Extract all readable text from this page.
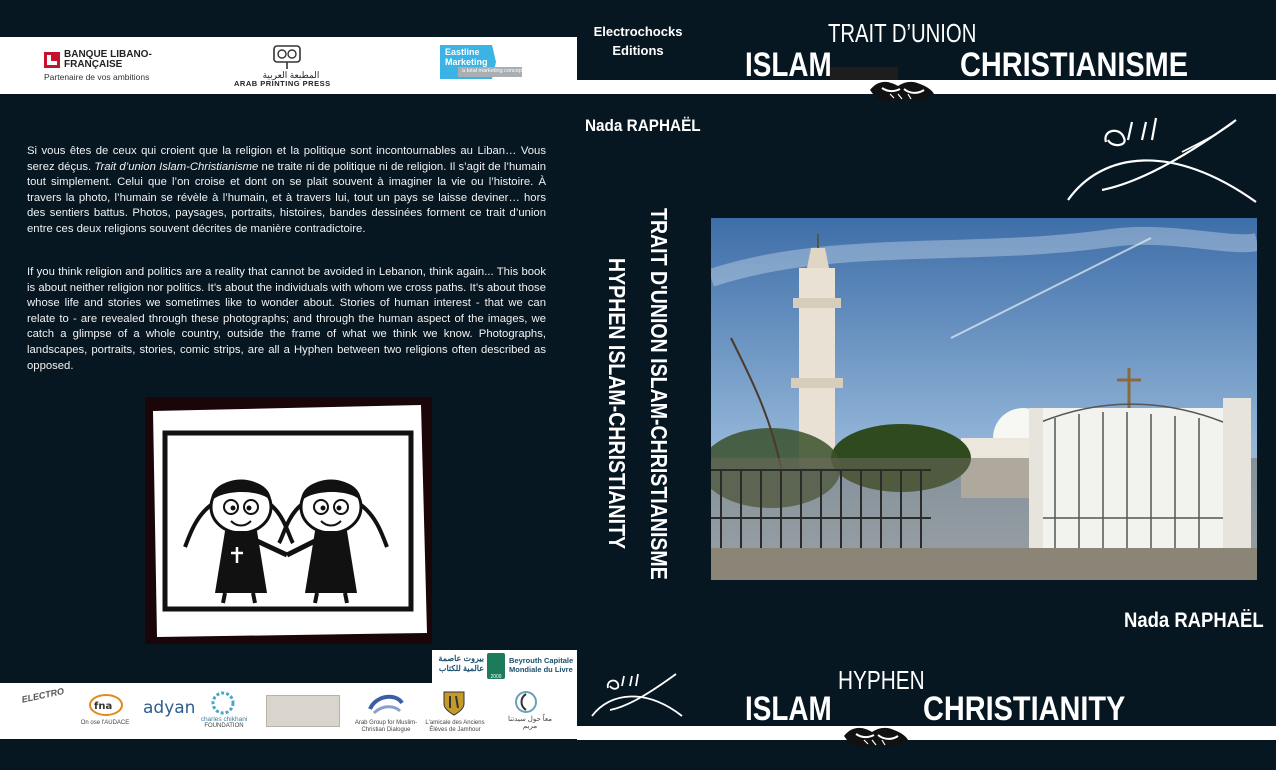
BANQUE LIBANO-FRANÇAISE
Partenaire de vos ambitions	المطبعة العربية
ARAB PRINTING PRESS
Eastline Marketing
a total marketing concept
Electrochocks Editions
TRAIT D’UNION
ISLAM	CHRISTIANISME
Nada RAPHAËL
TRAIT D'UNION ISLAM-CHRISTIANISME
HYPHEN ISLAM-CHRISTIANITY
Si vous êtes de ceux qui croient que la religion et la politique sont incontournables au Liban… Vous serez déçus. Trait d’union Islam-Christianisme ne traite ni de politique ni de religion. Il s’agit de l’humain tout simplement. Celui que l’on croise et dont on se plait souvent à imaginer la vie ou l’histoire. À travers la photo, l’humain se révèle à l’humain, et à travers lui, tout un pays se laisse deviner… hors des sentiers battus. Photos, paysages, portraits, histoires, bandes dessinées forment ce trait d’union entre ces deux religions souvent décrites de manière contradictoire.
If you think religion and politics are a reality that cannot be avoided in Lebanon, think again... This book is about neither religion nor politics. It’s about the individuals with whom we cross paths. It’s about those whose life and stories we sometimes like to wonder about. Stories of human interest - that we can relate to - are revealed through these photographs; and through the human aspect of the images, we catch a glimpse of a whole country, outside the frame of what we think we know. Photographs, landscapes, portraits, stories, comic strips, are all a Hyphen between two religions often described as opposed.
Nada RAPHAËL
بيروت عاصمة عالمية للكتاب
2009
Beyrouth Capitale Mondiale du Livre
ELECTRO
fna
On ose l'AUDACE
adyan
charles chikhani
FOUNDATION	Arab Group for Muslim-Christian Dialogue
L'amicale des Anciens Élèves de Jamhour
معاً حول سيدتنا مريم
HYPHEN
ISLAM	CHRISTIANITY
